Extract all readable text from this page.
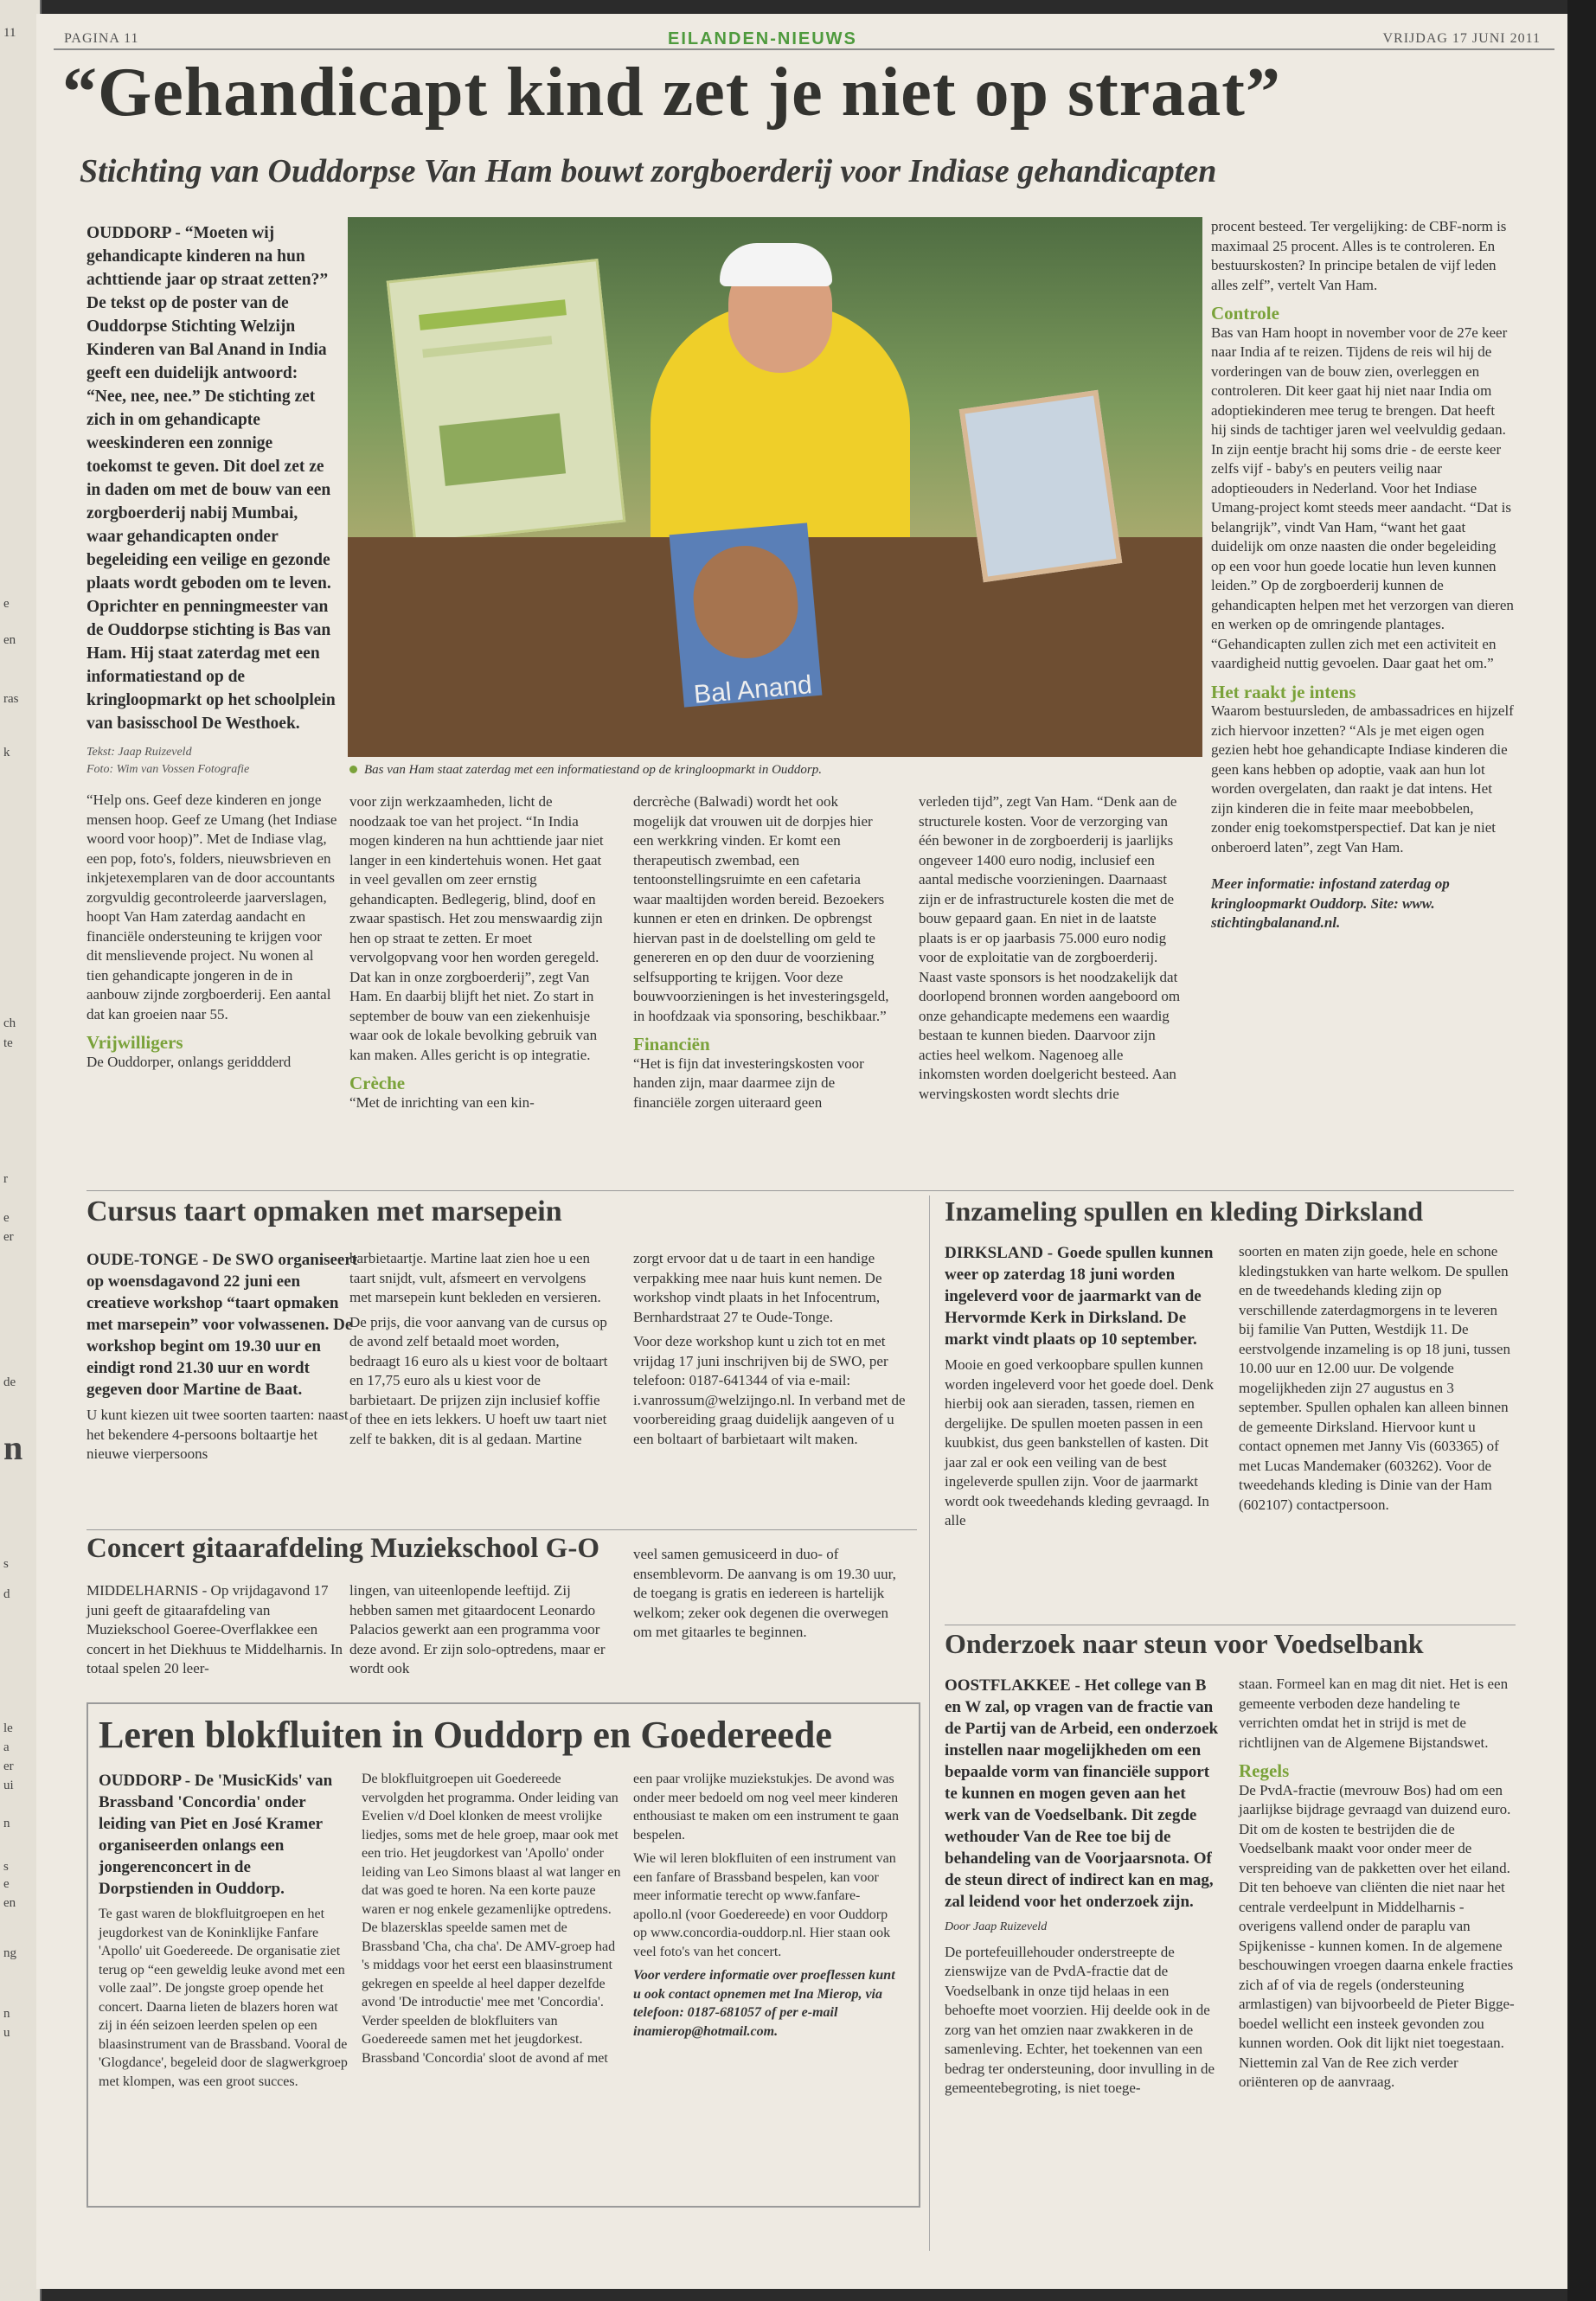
11
e
en
ras
k
ch
te
r
e
er
de
n
s
d
le
a
er
ui
n
s
e
en
ng
n
u
PAGINA 11	EILANDEN-NIEUWS	VRIJDAG 17 JUNI 2011
“Gehandicapt kind zet je niet op straat”
Stichting van Ouddorpse Van Ham bouwt zorgboerderij voor Indiase gehandicapten

OUDDORP - “Moeten wij gehandicapte kinderen na hun achttiende jaar op straat zetten?” De tekst op de poster van de Ouddorpse Stichting Welzijn Kinderen van Bal Anand in India geeft een duidelijk antwoord: “Nee, nee, nee.” De stichting zet zich in om gehandicapte weeskinderen een zonnige toekomst te geven. Dit doel zet ze in daden om met de bouw van een zorgboerderij nabij Mumbai, waar gehandicapten onder begeleiding een veilige en gezonde plaats wordt geboden om te leven. Oprichter en penningmeester van de Ouddorpse stichting is Bas van Ham. Hij staat zaterdag met een informatiestand op de kringloopmarkt op het schoolplein van basisschool De Westhoek.

Tekst: Jaap Ruizeveld
Foto: Wim van Vossen Fotografie

“Help ons. Geef deze kinderen en jonge mensen hoop. Geef ze Umang (het Indiase woord voor hoop)”. Met de Indiase vlag, een pop, foto's, folders, nieuwsbrieven en inkjetexemplaren van de door accountants zorgvuldig gecontroleerde jaarverslagen, hoopt Van Ham zaterdag aandacht en financiële ondersteuning te krijgen voor dit menslievende project. Nu wonen al tien gehandicapte jongeren in de in aanbouw zijnde zorgboerderij. Een aantal dat kan groeien naar 55.

Vrijwilligers

De Ouddorper, onlangs geriddderd

Bal Anand
Bas van Ham staat zaterdag met een informatiestand op de kringloopmarkt in Ouddorp.

voor zijn werkzaamheden, licht de noodzaak toe van het project. “In India mogen kinderen na hun achttiende jaar niet langer in een kindertehuis wonen. Het gaat in veel gevallen om zeer ernstig gehandicapten. Bedlegerig, blind, doof en zwaar spastisch. Het zou menswaardig zijn hen op straat te zetten. Er moet vervolgopvang voor hen worden geregeld. Dat kan in onze zorgboerderij”, zegt Van Ham. En daarbij blijft het niet. Zo start in september de bouw van een ziekenhuisje waar ook de lokale bevolking gebruik van kan maken. Alles gericht is op integratie.

Crèche

“Met de inrichting van een kin-

dercrèche (Balwadi) wordt het ook mogelijk dat vrouwen uit de dorpjes hier een werkkring vinden. Er komt een therapeutisch zwembad, een tentoonstellingsruimte en een cafetaria waar maaltijden worden bereid. Bezoekers kunnen er eten en drinken. De opbrengst hiervan past in de doelstelling om geld te genereren en op den duur de voorziening selfsupporting te krijgen. Voor deze bouwvoorzieningen is het investeringsgeld, in hoofdzaak via sponsoring, beschikbaar.”

Financiën

“Het is fijn dat investeringskosten voor handen zijn, maar daarmee zijn de financiële zorgen uiteraard geen

verleden tijd”, zegt Van Ham. “Denk aan de structurele kosten. Voor de verzorging van één bewoner in de zorgboerderij is jaarlijks ongeveer 1400 euro nodig, inclusief een aantal medische voorzieningen. Daarnaast zijn er de infrastructurele kosten die met de bouw gepaard gaan. En niet in de laatste plaats is er op jaarbasis 75.000 euro nodig voor de exploitatie van de zorgboerderij. Naast vaste sponsors is het noodzakelijk dat doorlopend bronnen worden aangeboord om onze gehandicapte medemens een waardig bestaan te kunnen bieden. Daarvoor zijn acties heel welkom. Nagenoeg alle inkomsten worden doelgericht besteed. Aan wervingskosten wordt slechts drie

procent besteed. Ter vergelijking: de CBF-norm is maximaal 25 procent. Alles is te controleren. En bestuurskosten? In principe betalen de vijf leden alles zelf”, vertelt Van Ham.

Controle

Bas van Ham hoopt in november voor de 27e keer naar India af te reizen. Tijdens de reis wil hij de vorderingen van de bouw zien, overleggen en controleren. Dit keer gaat hij niet naar India om adoptiekinderen mee terug te brengen. Dat heeft hij sinds de tachtiger jaren wel veelvuldig gedaan. In zijn eentje bracht hij soms drie - de eerste keer zelfs vijf - baby's en peuters veilig naar adoptieouders in Nederland. Voor het Indiase Umang-project komt steeds meer aandacht. “Dat is belangrijk”, vindt Van Ham, “want het gaat duidelijk om onze naasten die onder begeleiding op een voor hun goede locatie hun leven kunnen leiden.” Op de zorgboerderij kunnen de gehandicapten helpen met het verzorgen van dieren en werken op de omringende plantages. “Gehandicapten zullen zich met een activiteit en vaardigheid nuttig gevoelen. Daar gaat het om.”

Het raakt je intens

Waarom bestuursleden, de ambassadrices en hijzelf zich hiervoor inzetten? “Als je met eigen ogen gezien hebt hoe gehandicapte Indiase kinderen die geen kans hebben op adoptie, vaak aan hun lot worden overgelaten, dan raakt je dat intens. Het zijn kinderen die in feite maar meebobbelen, zonder enig toekomstperspectief. Dat kan je niet onberoerd laten”, zegt Van Ham.

Meer informatie: infostand zaterdag op kringloopmarkt Ouddorp. Site: www. stichtingbalanand.nl.

Cursus taart opmaken met marsepein

OUDE-TONGE - De SWO organiseert op woensdagavond 22 juni een creatieve workshop “taart opmaken met marsepein” voor volwassenen. De workshop begint om 19.30 uur en eindigt rond 21.30 uur en wordt gegeven door Martine de Baat.

U kunt kiezen uit twee soorten taarten: naast het bekendere 4-persoons boltaartje het nieuwe vierpersoons

barbietaartje. Martine laat zien hoe u een taart snijdt, vult, afsmeert en vervolgens met marsepein kunt bekleden en versieren.

De prijs, die voor aanvang van de cursus op de avond zelf betaald moet worden, bedraagt 16 euro als u kiest voor de boltaart en 17,75 euro als u kiest voor de barbietaart. De prijzen zijn inclusief koffie of thee en iets lekkers. U hoeft uw taart niet zelf te bakken, dit is al gedaan. Martine

zorgt ervoor dat u de taart in een handige verpakking mee naar huis kunt nemen. De workshop vindt plaats in het Infocentrum, Bernhardstraat 27 te Oude-Tonge.

Voor deze workshop kunt u zich tot en met vrijdag 17 juni inschrijven bij de SWO, per telefoon: 0187-641344 of via e-mail: i.vanrossum@welzijngo.nl. In verband met de voorbereiding graag duidelijk aangeven of u een boltaart of barbietaart wilt maken.

Concert gitaarafdeling Muziekschool G-O

MIDDELHARNIS - Op vrijdagavond 17 juni geeft de gitaarafdeling van Muziekschool Goeree-Overflakkee een concert in het Diekhuus te Middelharnis. In totaal spelen 20 leer-

lingen, van uiteenlopende leeftijd. Zij hebben samen met gitaardocent Leonardo Palacios gewerkt aan een programma voor deze avond. Er zijn solo-optredens, maar er wordt ook

veel samen gemusiceerd in duo- of ensemblevorm. De aanvang is om 19.30 uur, de toegang is gratis en iedereen is hartelijk welkom; zeker ook degenen die overwegen om met gitaarles te beginnen.

Leren blokfluiten in Ouddorp en Goedereede

OUDDORP - De 'MusicKids' van Brassband 'Concordia' onder leiding van Piet en José Kramer organiseerden onlangs een jongerenconcert in de Dorpstienden in Ouddorp.

Te gast waren de blokfluitgroepen en het jeugdorkest van de Koninklijke Fanfare 'Apollo' uit Goedereede. De organisatie ziet terug op “een geweldig leuke avond met een volle zaal”. De jongste groep opende het concert. Daarna lieten de blazers horen wat zij in één seizoen leerden spelen op een blaasinstrument van de Brassband. Vooral de 'Glogdance', begeleid door de slagwerkgroep met klompen, was een groot succes.

De blokfluitgroepen uit Goedereede vervolgden het programma. Onder leiding van Evelien v/d Doel klonken de meest vrolijke liedjes, soms met de hele groep, maar ook met een trio. Het jeugdorkest van 'Apollo' onder leiding van Leo Simons blaast al wat langer en dat was goed te horen. Na een korte pauze waren er nog enkele gezamenlijke optredens. De blazersklas speelde samen met de Brassband 'Cha, cha cha'. De AMV-groep had 's middags voor het eerst een blaasinstrument gekregen en speelde al heel dapper dezelfde avond 'De introductie' mee met 'Concordia'. Verder speelden de blokfluiters van Goedereede samen met het jeugdorkest. Brassband 'Concordia' sloot de avond af met

een paar vrolijke muziekstukjes. De avond was onder meer bedoeld om nog veel meer kinderen enthousiast te maken om een instrument te gaan bespelen.

Wie wil leren blokfluiten of een instrument van een fanfare of Brassband bespelen, kan voor meer informatie terecht op www.fanfare-apollo.nl (voor Goedereede) en voor Ouddorp op www.concordia-ouddorp.nl. Hier staan ook veel foto's van het concert.

Voor verdere informatie over proeflessen kunt u ook contact opnemen met Ina Mierop, via telefoon: 0187-681057 of per e-mail inamierop@hotmail.com.

Inzameling spullen en kleding Dirksland

DIRKSLAND - Goede spullen kunnen weer op zaterdag 18 juni worden ingeleverd voor de jaarmarkt van de Hervormde Kerk in Dirksland. De markt vindt plaats op 10 september.

Mooie en goed verkoopbare spullen kunnen worden ingeleverd voor het goede doel. Denk hierbij ook aan sieraden, tassen, riemen en dergelijke. De spullen moeten passen in een kuubkist, dus geen bankstellen of kasten. Dit jaar zal er ook een veiling van de best ingeleverde spullen zijn. Voor de jaarmarkt wordt ook tweedehands kleding gevraagd. In alle

soorten en maten zijn goede, hele en schone kledingstukken van harte welkom. De spullen en de tweedehands kleding zijn op verschillende zaterdagmorgens in te leveren bij familie Van Putten, Westdijk 11. De eerstvolgende inzameling is op 18 juni, tussen 10.00 uur en 12.00 uur. De volgende mogelijkheden zijn 27 augustus en 3 september. Spullen ophalen kan alleen binnen de gemeente Dirksland. Hiervoor kunt u contact opnemen met Janny Vis (603365) of met Lucas Mandemaker (603262). Voor de tweedehands kleding is Dinie van der Ham (602107) contactpersoon.

Onderzoek naar steun voor Voedselbank

OOSTFLAKKEE - Het college van B en W zal, op vragen van de fractie van de Partij van de Arbeid, een onderzoek instellen naar mogelijkheden om een bepaalde vorm van financiële support te kunnen en mogen geven aan het werk van de Voedselbank. Dit zegde wethouder Van de Ree toe bij de behandeling van de Voorjaarsnota. Of de steun direct of indirect kan en mag, zal leidend voor het onderzoek zijn.

Door Jaap Ruizeveld

De portefeuillehouder onderstreepte de zienswijze van de PvdA-fractie dat de Voedselbank in onze tijd helaas in een behoefte moet voorzien. Hij deelde ook in de zorg van het omzien naar zwakkeren in de samenleving. Echter, het toekennen van een bedrag ter ondersteuning, door invulling in de gemeentebegroting, is niet toege-

staan. Formeel kan en mag dit niet. Het is een gemeente verboden deze handeling te verrichten omdat het in strijd is met de richtlijnen van de Algemene Bijstandswet.

Regels

De PvdA-fractie (mevrouw Bos) had om een jaarlijkse bijdrage gevraagd van duizend euro. Dit om de kosten te bestrijden die de Voedselbank maakt voor onder meer de verspreiding van de pakketten over het eiland. Dit ten behoeve van cliënten die niet naar het centrale verdeelpunt in Middelharnis - overigens vallend onder de paraplu van Spijkenisse - kunnen komen. In de algemene beschouwingen vroegen daarna enkele fracties zich af of via de regels (ondersteuning armlastigen) van bijvoorbeeld de Pieter Bigge-boedel wellicht een insteek gevonden zou kunnen worden. Ook dit lijkt niet toegestaan. Niettemin zal Van de Ree zich verder oriënteren op de aanvraag.
